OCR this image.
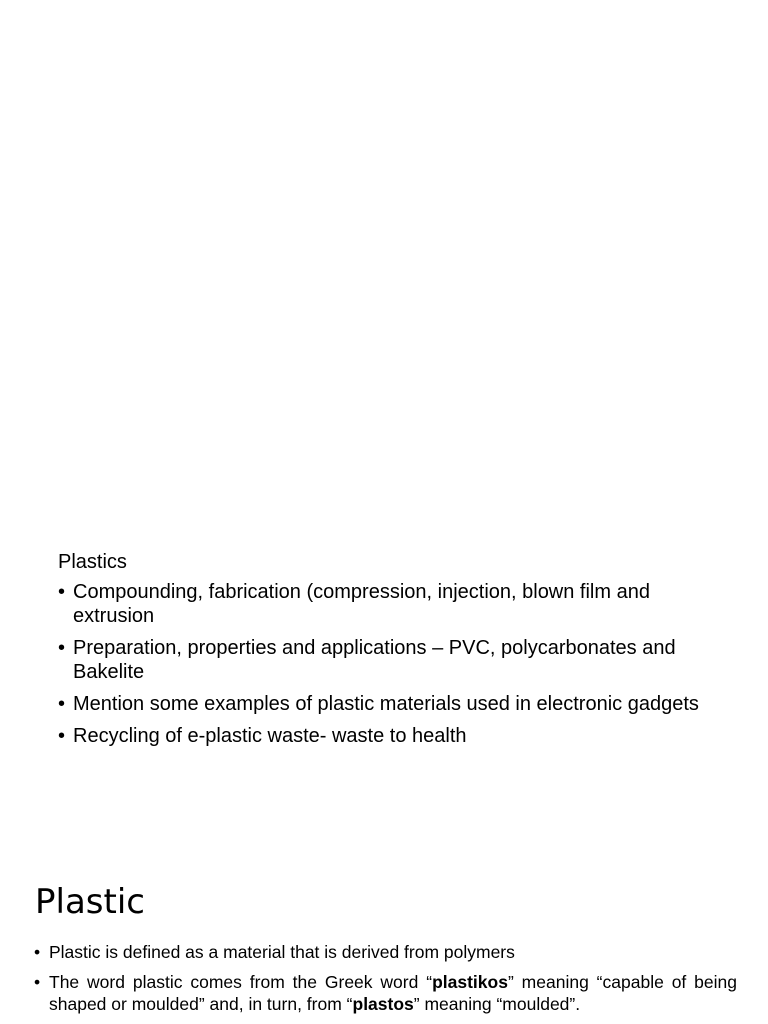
Plastics
• Compounding, fabrication (compression, injection, blown film and extrusion
• Preparation, properties and applications – PVC, polycarbonates and Bakelite
• Mention some examples of plastic materials used in electronic gadgets
• Recycling of e-plastic waste- waste to health
Plastic
• Plastic is defined as a material that is derived from polymers
• The word plastic comes from the Greek word “plastikos” meaning “capable of being shaped or moulded” and, in turn, from “plastos” meaning “moulded”.
